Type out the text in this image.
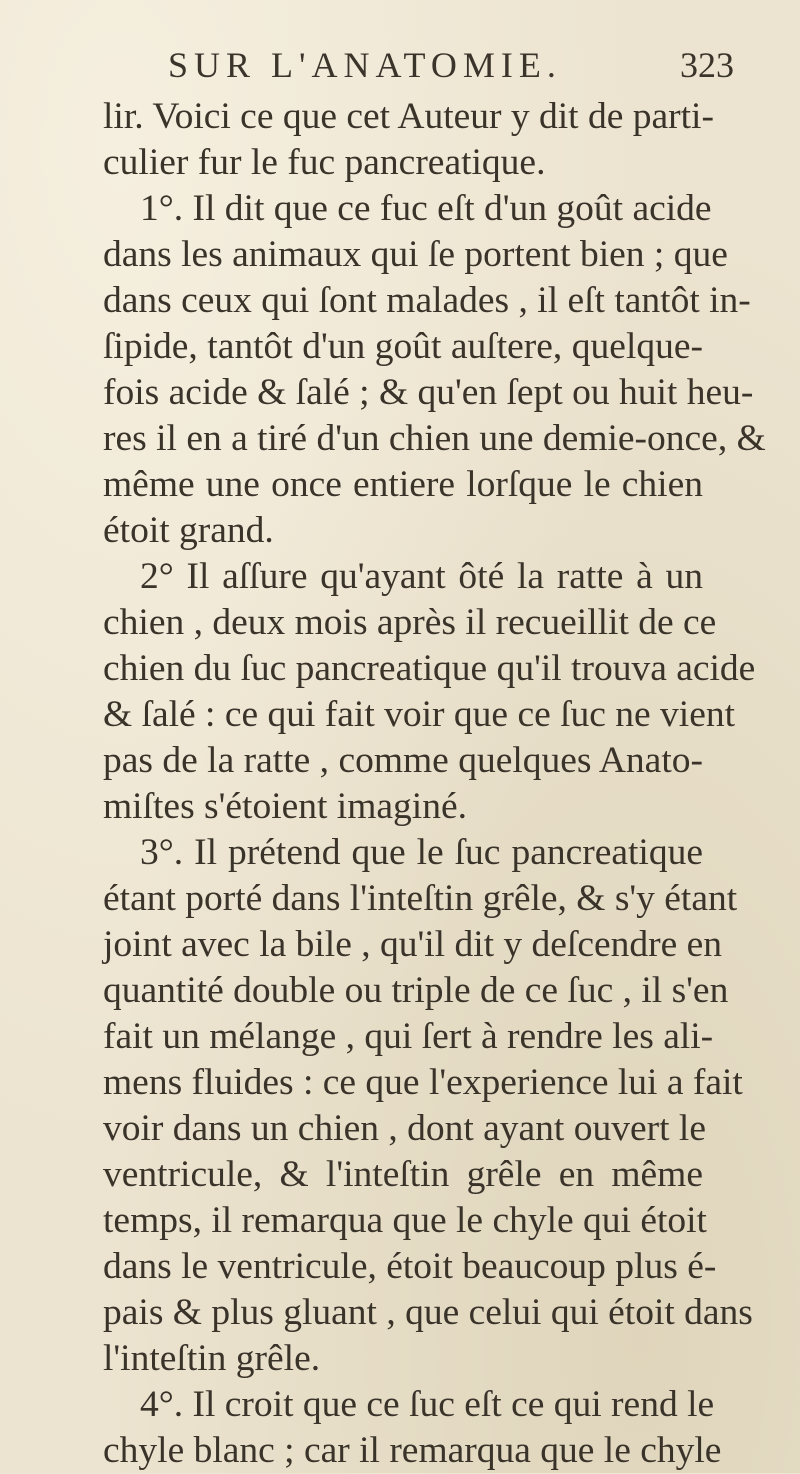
SUR L'ANATOMIE.	323
lir. Voici ce que cet Auteur y dit de parti-
culier fur le fuc pancreatique.
1°. Il dit que ce fuc eſt d'un goût acide
dans les animaux qui ſe portent bien ; que
dans ceux qui ſont malades , il eſt tantôt in-
ſipide, tantôt d'un goût auſtere, quelque-
fois acide & ſalé ; & qu'en ſept ou huit heu-
res il en a tiré d'un chien une demie-once, &
même une once entiere lorſque le chien
étoit grand.
2° Il aſſure qu'ayant ôté la ratte à un
chien , deux mois après il recueillit de ce
chien du ſuc pancreatique qu'il trouva acide
& ſalé : ce qui fait voir que ce ſuc ne vient
pas de la ratte , comme quelques Anato-
miſtes s'étoient imaginé.
3°. Il prétend que le ſuc pancreatique
étant porté dans l'inteſtin grêle, & s'y étant
joint avec la bile , qu'il dit y deſcendre en
quantité double ou triple de ce ſuc , il s'en
fait un mélange , qui ſert à rendre les ali-
mens fluides : ce que l'experience lui a fait
voir dans un chien , dont ayant ouvert le
ventricule, & l'inteſtin grêle en même
temps, il remarqua que le chyle qui étoit
dans le ventricule, étoit beaucoup plus é-
pais & plus gluant , que celui qui étoit dans
l'inteſtin grêle.
4°. Il croit que ce ſuc eſt ce qui rend le
chyle blanc ; car il remarqua que le chyle
